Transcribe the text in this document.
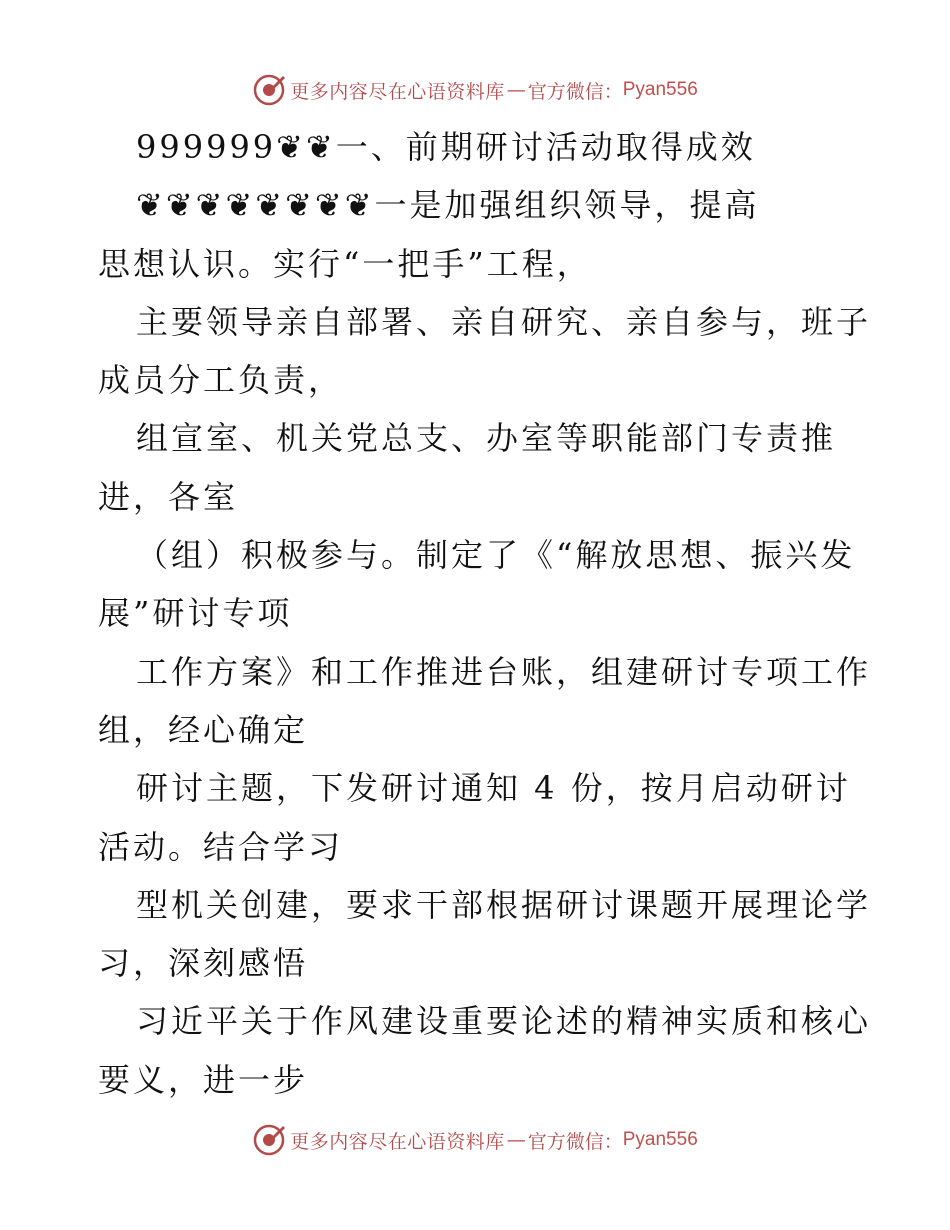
更多内容尽在心语资料库 — 官方微信： Pyan556
999999❦❦一、前期研讨活动取得成效
❦❦❦❦❦❦❦❦一是加强组织领导，提高
思想认识。实行“一把手”工程，
主要领导亲自部署、亲自研究、亲自参与，班子
成员分工负责，
组宣室、机关党总支、办室等职能部门专责推
进，各室
（组）积极参与。制定了《“解放思想、振兴发
展”研讨专项
工作方案》和工作推进台账，组建研讨专项工作
组，经心确定
研讨主题，下发研讨通知 4 份，按月启动研讨
活动。结合学习
型机关创建，要求干部根据研讨课题开展理论学
习，深刻感悟
习近平关于作风建设重要论述的精神实质和核心
要义，进一步
更多内容尽在心语资料库 — 官方微信： Pyan556
